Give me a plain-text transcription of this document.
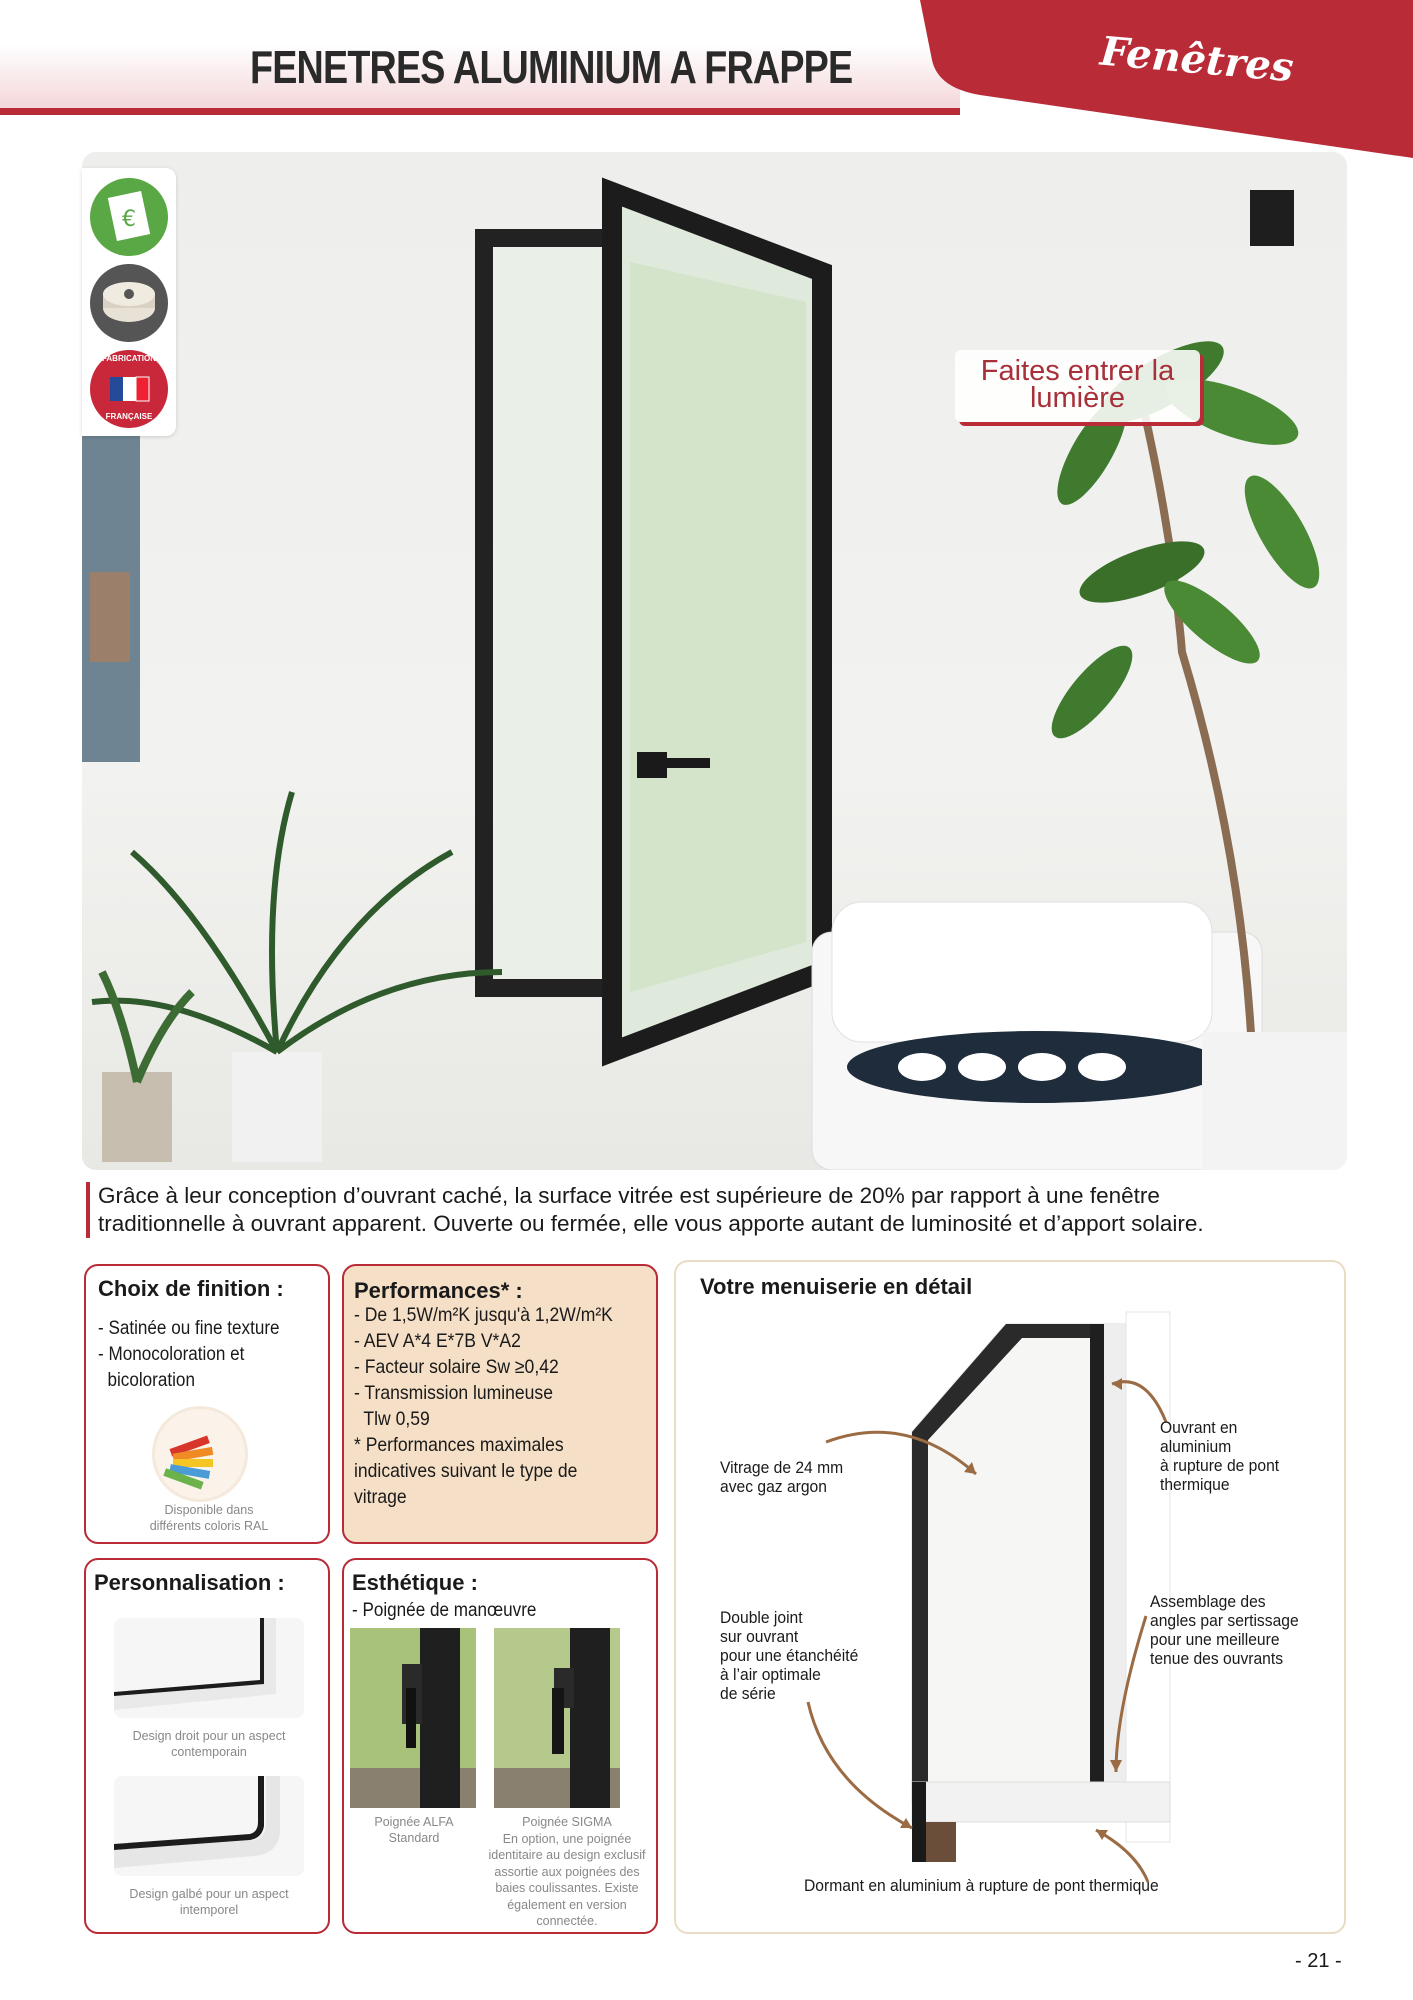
FENETRES ALUMINIUM A FRAPPE	Fenêtres
€
FABRICATION
FRANÇAISE
Faites entrer la lumière
Grâce à leur conception d’ouvrant caché, la surface vitrée est supérieure de 20% par rapport à une fenêtre
traditionnelle à ouvrant apparent. Ouverte ou fermée, elle vous apporte autant de luminosité et d’apport solaire.
Choix de finition :
- Satinée ou fine texture
- Monocoloration et
bicoloration
Disponible dans
différents coloris RAL
Performances* :
- De 1,5W/m²K jusqu'à 1,2W/m²K
- AEV A*4 E*7B V*A2
- Facteur solaire Sw ≥0,42
- Transmission lumineuse
Tlw 0,59
* Performances maximales
indicatives suivant le type de
vitrage
Personnalisation :
Design droit pour un aspect
contemporain
Design galbé pour un aspect
intemporel
Esthétique :
- Poignée de manœuvre
Poignée ALFA
Standard
Poignée SIGMA
En option, une poignée
identitaire au design exclusif
assortie aux poignées des
baies coulissantes. Existe
également en version
connectée.
Votre menuiserie en détail
Vitrage de 24 mm
avec gaz argon
Ouvrant en
aluminium
à rupture de pont
thermique
Double joint
sur ouvrant
pour une étanchéité
à l’air optimale
de série
Assemblage des
angles par sertissage
pour une meilleure
tenue des ouvrants
Dormant en aluminium à rupture de pont thermique
- 21 -
